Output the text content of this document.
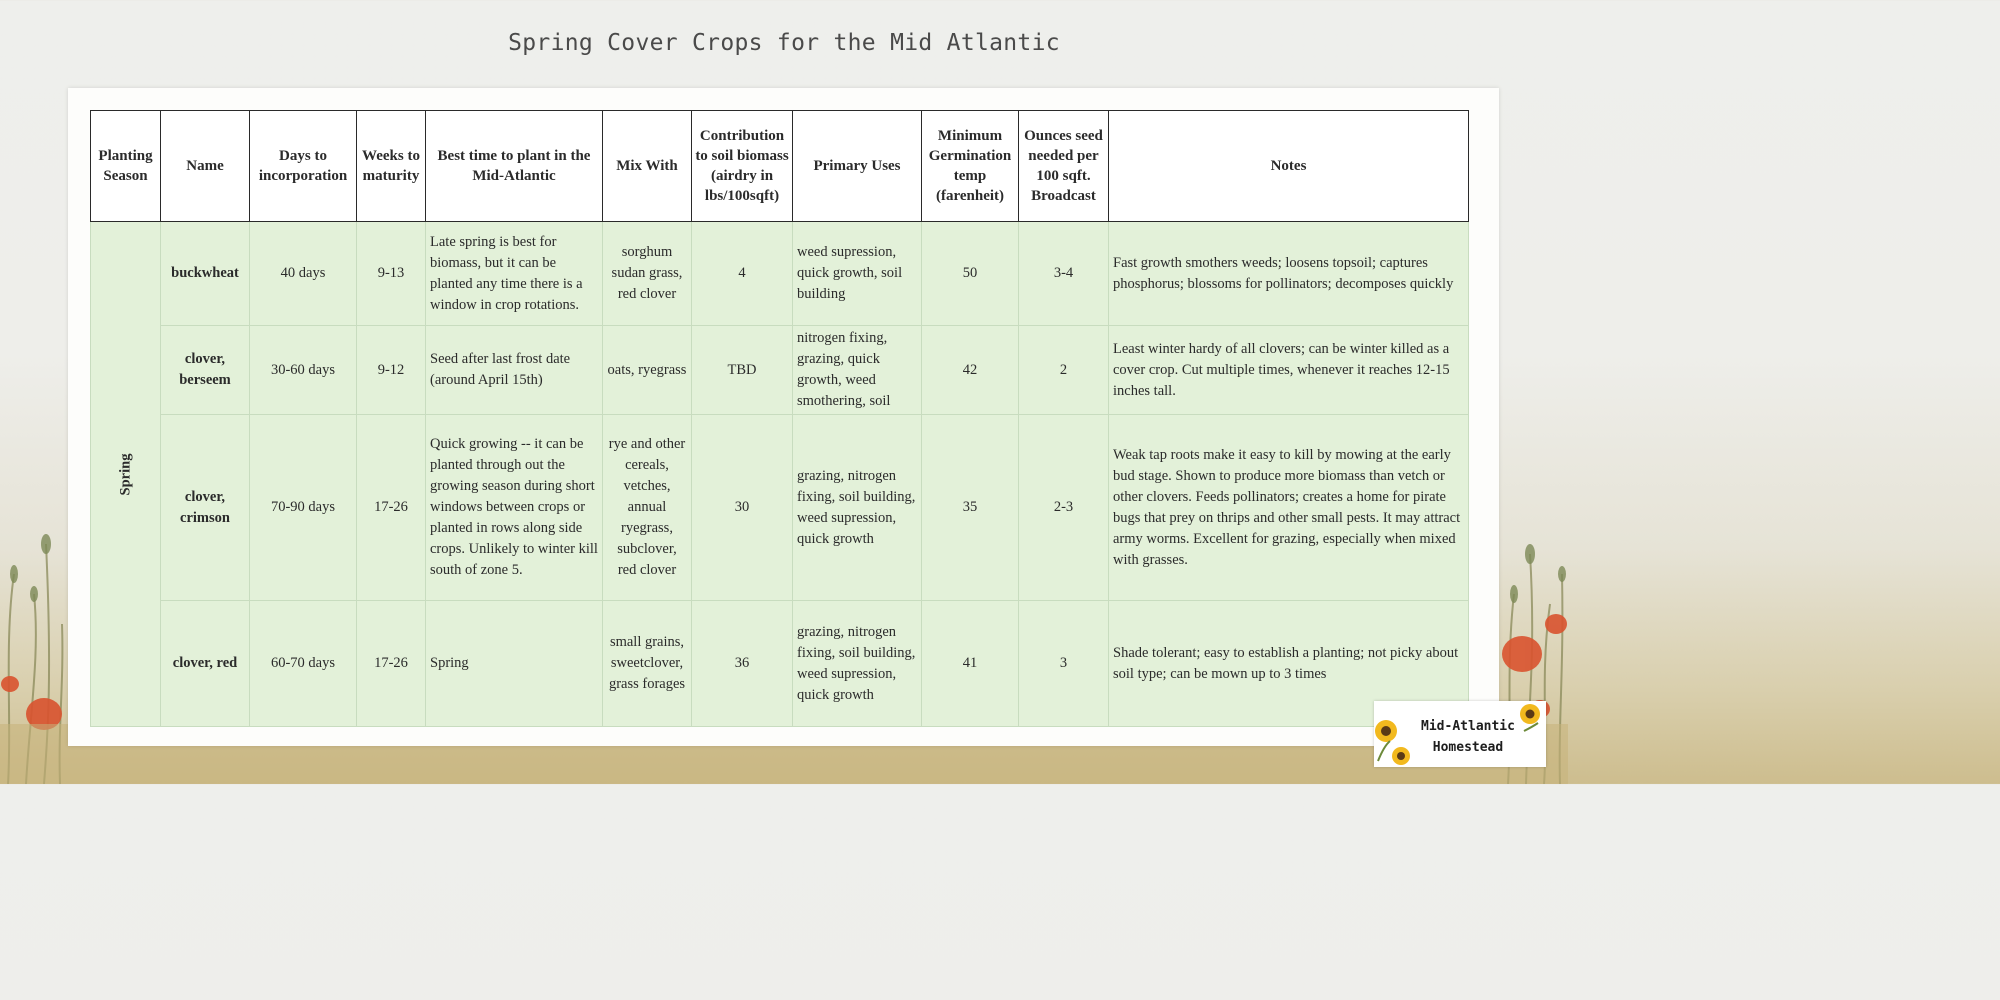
Spring Cover Crops for the Mid Atlantic
Planting Season	Name	Days to incorporation	Weeks to maturity	Best time to plant in the Mid-Atlantic	Mix With	Contribution to soil biomass (airdry in lbs/100sqft)	Primary Uses	Minimum Germination temp (farenheit)	Ounces seed needed per 100 sqft. Broadcast	Notes
Spring	buckwheat	40 days	9-13	Late spring is best for biomass, but it can be planted any time there is a window in crop rotations.	sorghum sudan grass, red clover	4	weed supression, quick growth, soil building	50	3-4	Fast growth smothers weeds; loosens topsoil; captures phosphorus; blossoms for pollinators; decomposes quickly
	clover, berseem	30-60 days	9-12	Seed after last frost date (around April 15th)	oats, ryegrass	TBD	nitrogen fixing, grazing, quick growth, weed smothering, soil	42	2	Least winter hardy of all clovers; can be winter killed as a cover crop. Cut multiple times, whenever it reaches 12-15 inches tall.
	clover, crimson	70-90 days	17-26	Quick growing -- it can be planted through out the growing season during short windows between crops or planted in rows along side crops. Unlikely to winter kill south of zone 5.	rye and other cereals, vetches, annual ryegrass, subclover, red clover	30	grazing, nitrogen fixing, soil building, weed supression, quick growth	35	2-3	Weak tap roots make it easy to kill by mowing at the early bud stage. Shown to produce more biomass than vetch or other clovers. Feeds pollinators; creates a home for pirate bugs that prey on thrips and other small pests. It may attract army worms. Excellent for grazing, especially when mixed with grasses.
	clover, red	60-70 days	17-26	Spring	small grains, sweetclover, grass forages	36	grazing, nitrogen fixing, soil building, weed supression, quick growth	41	3	Shade tolerant; easy to establish a planting; not picky about soil type; can be mown up to 3 times
Mid-Atlantic
Homestead
